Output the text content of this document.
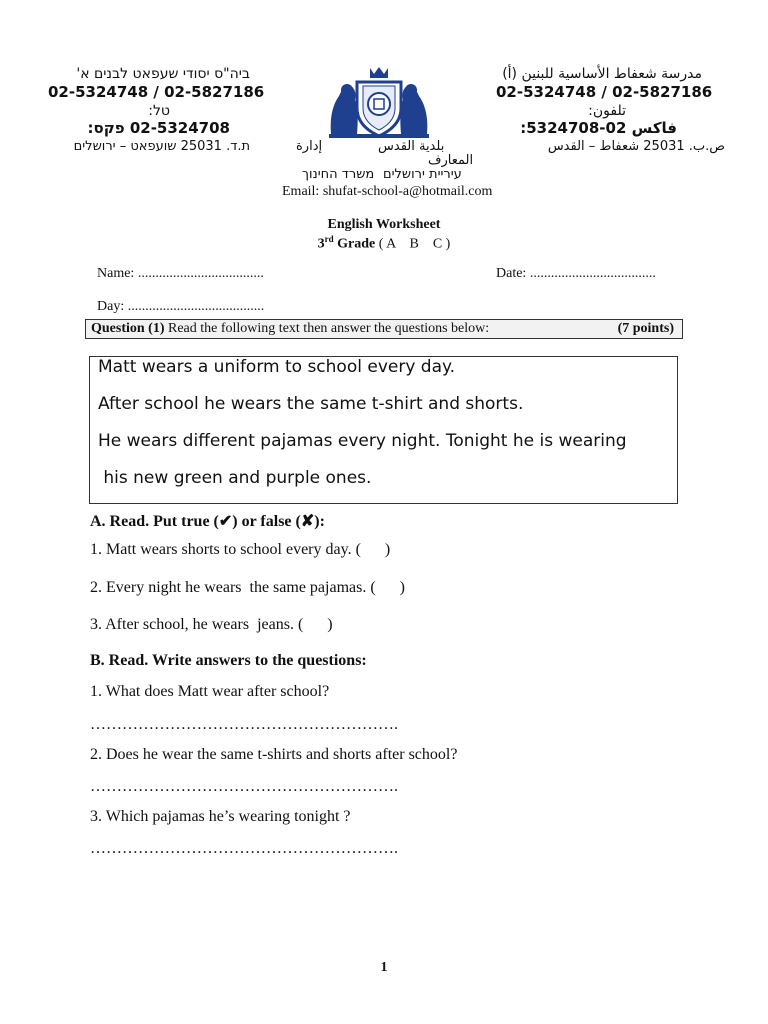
ביה"ס יסודי שעפאט לבנים א'
02-5324748 / 02-5827186
טל:
02-5324708 פקס:
ת.ד. 25031 שועפאט – ירושלים
مدرسة شعفاط الأساسية للبنين (أ)
02-5324748 / 02-5827186
تلفون:
فاكس 02-5324708:
ص.ب. 25031 شعفاط – القدس
إدارة	بلدية القدس
المعارف
משרד החינוך עיריית ירושלים
Email: shufat-school-a@hotmail.com
English Worksheet
3rd Grade ( A    B    C )
Name: ....................................	Date: ....................................
Day: .......................................
Question (1) Read the following text then answer the questions below:	(7 points)

Matt wears a uniform to school every day.

After school he wears the same t-shirt and shorts.

He wears different pajamas every night. Tonight he is wearing

his new green and purple ones.

A. Read. Put true (✔) or false (✘):
1. Matt wears shorts to school every day. (      )
2. Every night he wears  the same pajamas. (      )
3. After school, he wears  jeans. (      )
B. Read. Write answers to the questions:
1. What does Matt wear after school?
………………………………………………….
2. Does he wear the same t-shirts and shorts after school?
………………………………………………….
3. Which pajamas he’s wearing tonight ?
………………………………………………….
1
